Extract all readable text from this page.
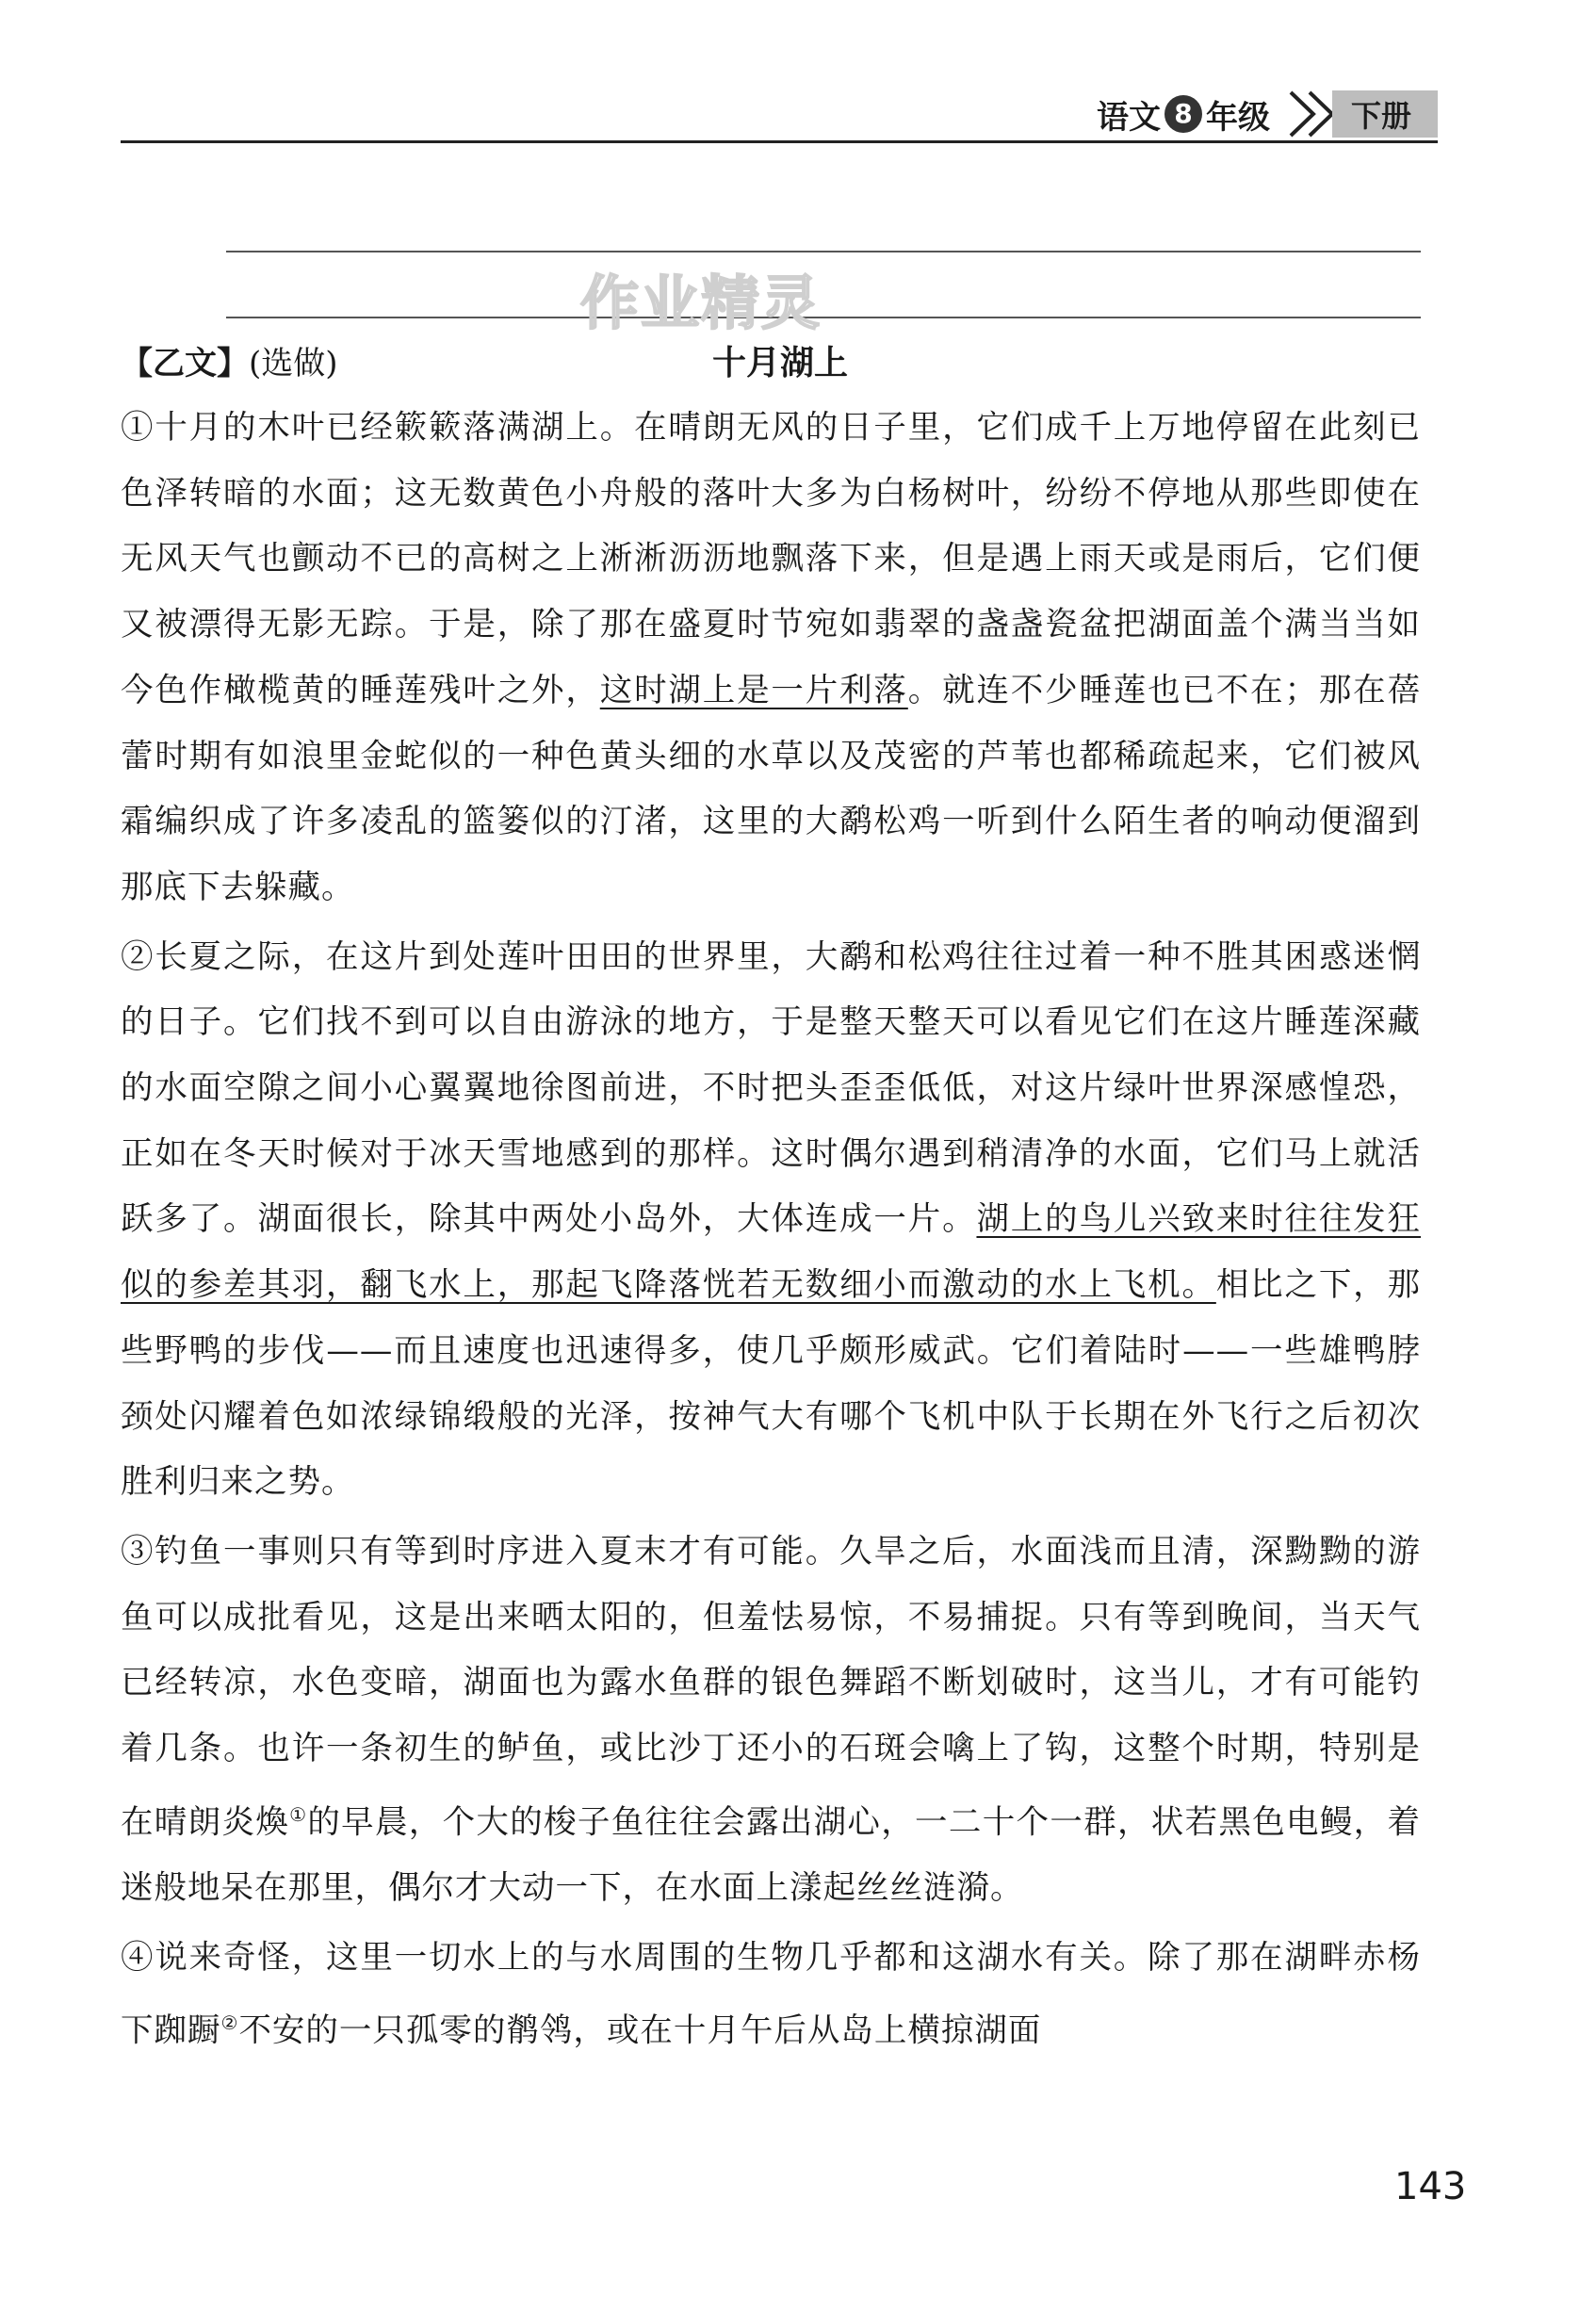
语文 8 年级	下册
作业精灵
十月湖上
【乙文】(选做)

①十月的木叶已经簌簌落满湖上。在晴朗无风的日子里，它们成千上万地停留在此刻已色泽转暗的水面；这无数黄色小舟般的落叶大多为白杨树叶，纷纷不停地从那些即使在无风天气也颤动不已的高树之上淅淅沥沥地飘落下来，但是遇上雨天或是雨后，它们便又被漂得无影无踪。于是，除了那在盛夏时节宛如翡翠的盏盏瓷盆把湖面盖个满当当如今色作橄榄黄的睡莲残叶之外，这时湖上是一片利落。就连不少睡莲也已不在；那在蓓蕾时期有如浪里金蛇似的一种色黄头细的水草以及茂密的芦苇也都稀疏起来，它们被风霜编织成了许多凌乱的篮篓似的汀渚，这里的大鹬松鸡一听到什么陌生者的响动便溜到那底下去躲藏。

②长夏之际，在这片到处莲叶田田的世界里，大鹬和松鸡往往过着一种不胜其困惑迷惘的日子。它们找不到可以自由游泳的地方，于是整天整天可以看见它们在这片睡莲深藏的水面空隙之间小心翼翼地徐图前进，不时把头歪歪低低，对这片绿叶世界深感惶恐，正如在冬天时候对于冰天雪地感到的那样。这时偶尔遇到稍清净的水面，它们马上就活跃多了。湖面很长，除其中两处小岛外，大体连成一片。湖上的鸟儿兴致来时往往发狂似的参差其羽，翻飞水上，那起飞降落恍若无数细小而激动的水上飞机。相比之下，那些野鸭的步伐——而且速度也迅速得多，使几乎颇形威武。它们着陆时——一些雄鸭脖颈处闪耀着色如浓绿锦缎般的光泽，按神气大有哪个飞机中队于长期在外飞行之后初次胜利归来之势。

③钓鱼一事则只有等到时序进入夏末才有可能。久旱之后，水面浅而且清，深黝黝的游鱼可以成批看见，这是出来晒太阳的，但羞怯易惊，不易捕捉。只有等到晚间，当天气已经转凉，水色变暗，湖面也为露水鱼群的银色舞蹈不断划破时，这当儿，才有可能钓着几条。也许一条初生的鲈鱼，或比沙丁还小的石斑会噙上了钩，这整个时期，特别是在晴朗炎煥①的早晨，个大的梭子鱼往往会露出湖心，一二十个一群，状若黑色电鳗，着迷般地呆在那里，偶尔才大动一下，在水面上漾起丝丝涟漪。

④说来奇怪，这里一切水上的与水周围的生物几乎都和这湖水有关。除了那在湖畔赤杨下踟蹰②不安的一只孤零的鹡鸰，或在十月午后从岛上横掠湖面

143
